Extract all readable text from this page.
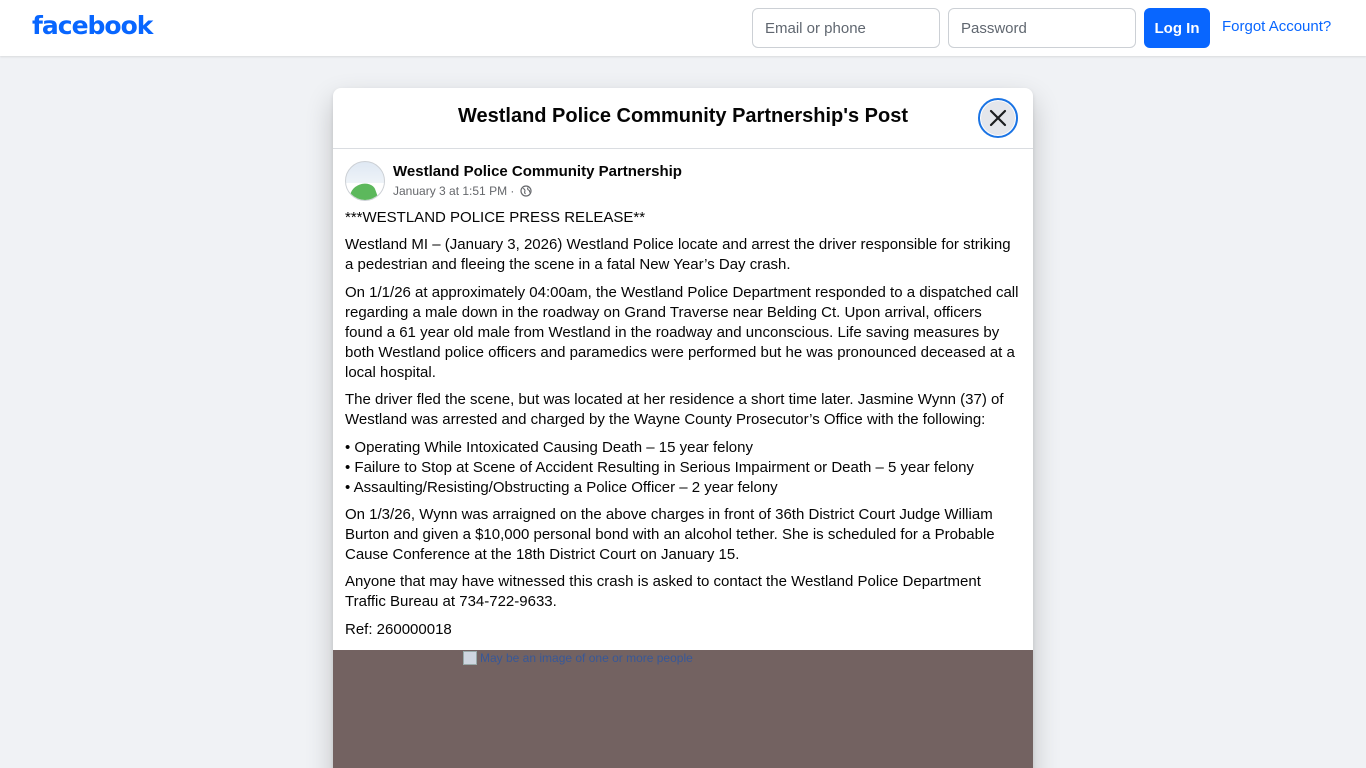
facebook
Email or phone	Log In	Forgot Account?
Westland Police Community Partnership's Post
Westland Police Community Partnership
January 3 at 1:51 PM ·

***WESTLAND POLICE PRESS RELEASE**

Westland MI – (January 3, 2026) Westland Police locate and arrest the driver responsible for striking a pedestrian and fleeing the scene in a fatal New Year’s Day crash.

On 1/1/26 at approximately 04:00am, the Westland Police Department responded to a dispatched call regarding a male down in the roadway on Grand Traverse near Belding Ct. Upon arrival, officers found a 61 year old male from Westland in the roadway and unconscious. Life saving measures by both Westland police officers and paramedics were performed but he was pronounced deceased at a local hospital.

The driver fled the scene, but was located at her residence a short time later. Jasmine Wynn (37) of Westland was arrested and charged by the Wayne County Prosecutor’s Office with the following:

• Operating While Intoxicated Causing Death – 15 year felony
• Failure to Stop at Scene of Accident Resulting in Serious Impairment or Death – 5 year felony
• Assaulting/Resisting/Obstructing a Police Officer – 2 year felony

On 1/3/26, Wynn was arraigned on the above charges in front of 36th District Court Judge William Burton and given a $10,000 personal bond with an alcohol tether. She is scheduled for a Probable Cause Conference at the 18th District Court on January 15.

Anyone that may have witnessed this crash is asked to contact the Westland Police Department Traffic Bureau at 734-722-9633.

Ref: 260000018

May be an image of one or more people
